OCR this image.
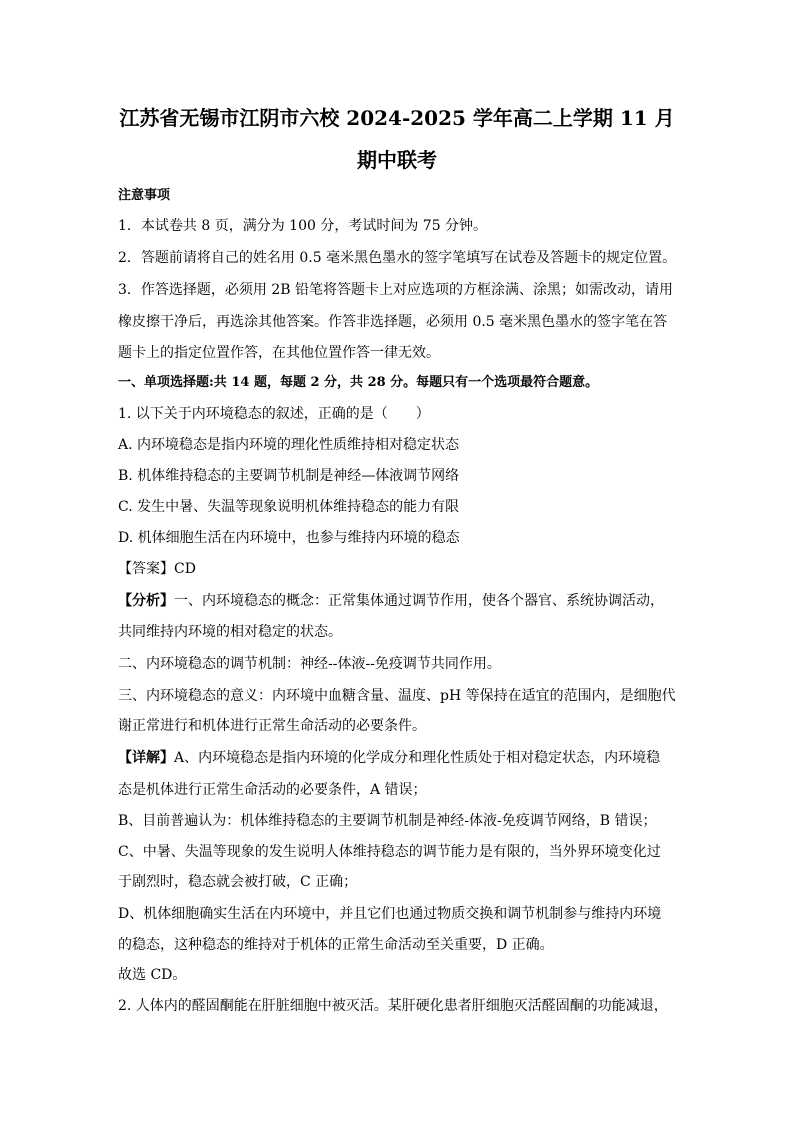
江苏省无锡市江阴市六校 2024-2025 学年高二上学期 11 月
期中联考
注意事项
1．本试卷共 8 页，满分为 100 分，考试时间为 75 分钟。
2．答题前请将自己的姓名用 0.5 毫米黑色墨水的签字笔填写在试卷及答题卡的规定位置。
3．作答选择题，必须用 2B 铅笔将答题卡上对应选项的方框涂满、涂黑；如需改动，请用
橡皮擦干净后，再选涂其他答案。作答非选择题，必须用 0.5 毫米黑色墨水的签字笔在答
题卡上的指定位置作答，在其他位置作答一律无效。
一、单项选择题:共 14 题，每题 2 分，共 28 分。每题只有一个选项最符合题意。
1. 以下关于内环境稳态的叙述，正确的是（　　）
A. 内环境稳态是指内环境的理化性质维持相对稳定状态
B. 机体维持稳态的主要调节机制是神经—体液调节网络
C. 发生中暑、失温等现象说明机体维持稳态的能力有限
D. 机体细胞生活在内环境中，也参与维持内环境的稳态
【答案】CD
【分析】一、内环境稳态的概念：正常集体通过调节作用，使各个器官、系统协调活动，
共同维持内环境的相对稳定的状态。
二、内环境稳态的调节机制：神经--体液--免疫调节共同作用。
三、内环境稳态的意义：内环境中血糖含量、温度、pH 等保持在适宜的范围内，是细胞代
谢正常进行和机体进行正常生命活动的必要条件。
【详解】A、内环境稳态是指内环境的化学成分和理化性质处于相对稳定状态，内环境稳
态是机体进行正常生命活动的必要条件，A 错误；
B、目前普遍认为：机体维持稳态的主要调节机制是神经-体液-免疫调节网络，B 错误；
C、中暑、失温等现象的发生说明人体维持稳态的调节能力是有限的，当外界环境变化过
于剧烈时，稳态就会被打破，C 正确；
D、机体细胞确实生活在内环境中，并且它们也通过物质交换和调节机制参与维持内环境
的稳态，这种稳态的维持对于机体的正常生命活动至关重要，D 正确。
故选 CD。
2. 人体内的醛固酮能在肝脏细胞中被灭活。某肝硬化患者肝细胞灭活醛固酮的功能减退，
